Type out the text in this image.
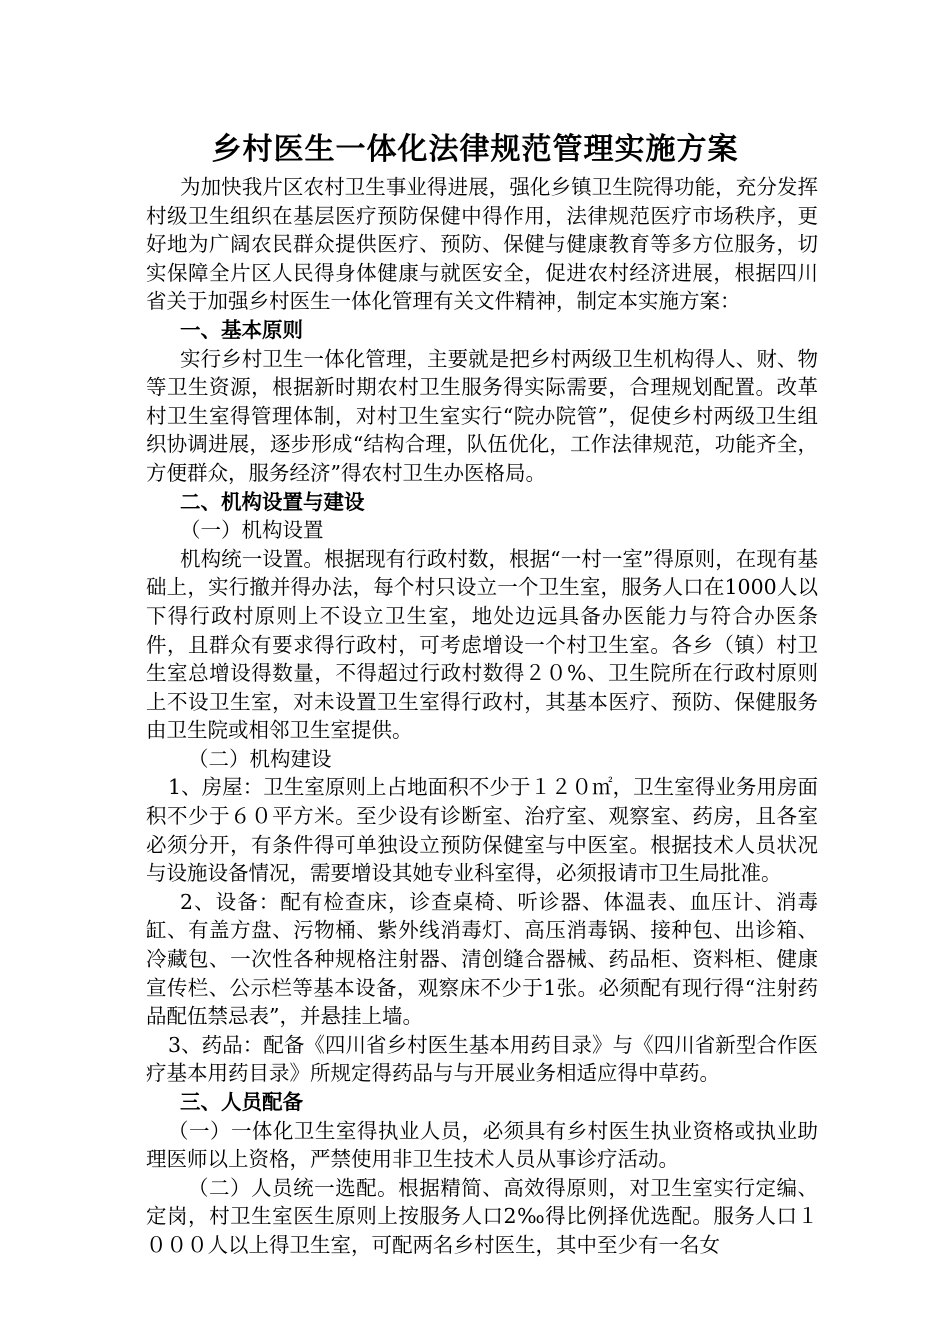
乡村医生一体化法律规范管理实施方案

为加快我片区农村卫生事业得进展，强化乡镇卫生院得功能，充分发挥村级卫生组织在基层医疗预防保健中得作用，法律规范医疗市场秩序，更好地为广阔农民群众提供医疗、预防、保健与健康教育等多方位服务，切实保障全片区人民得身体健康与就医安全，促进农村经济进展，根据四川省关于加强乡村医生一体化管理有关文件精神，制定本实施方案：

一、基本原则

实行乡村卫生一体化管理，主要就是把乡村两级卫生机构得人、财、物等卫生资源，根据新时期农村卫生服务得实际需要，合理规划配置。改革村卫生室得管理体制，对村卫生室实行“院办院管”，促使乡村两级卫生组织协调进展，逐步形成“结构合理，队伍优化，工作法律规范，功能齐全，方便群众，服务经济”得农村卫生办医格局。

二、机构设置与建设

（一）机构设置

机构统一设置。根据现有行政村数，根据“一村一室”得原则，在现有基础上，实行撤并得办法，每个村只设立一个卫生室，服务人口在1000人以下得行政村原则上不设立卫生室，地处边远具备办医能力与符合办医条件，且群众有要求得行政村，可考虑增设一个村卫生室。各乡（镇）村卫生室总增设得数量，不得超过行政村数得２０%、卫生院所在行政村原则上不设卫生室，对未设置卫生室得行政村，其基本医疗、预防、保健服务由卫生院或相邻卫生室提供。

（二）机构建设

1、房屋：卫生室原则上占地面积不少于１２０㎡，卫生室得业务用房面积不少于６０平方米。至少设有诊断室、治疗室、观察室、药房，且各室必须分开，有条件得可单独设立预防保健室与中医室。根据技术人员状况与设施设备情况，需要增设其她专业科室得，必须报请市卫生局批准。

2、设备：配有检查床，诊查桌椅、听诊器、体温表、血压计、消毒缸、有盖方盘、污物桶、紫外线消毒灯、高压消毒锅、接种包、出诊箱、冷藏包、一次性各种规格注射器、清创缝合器械、药品柜、资料柜、健康宣传栏、公示栏等基本设备，观察床不少于1张。必须配有现行得“注射药品配伍禁忌表”，并悬挂上墙。

3、药品：配备《四川省乡村医生基本用药目录》与《四川省新型合作医疗基本用药目录》所规定得药品与与开展业务相适应得中草药。

三、人员配备

（一）一体化卫生室得执业人员，必须具有乡村医生执业资格或执业助理医师以上资格，严禁使用非卫生技术人员从事诊疗活动。

（二）人员统一选配。根据精简、高效得原则，对卫生室实行定编、定岗，村卫生室医生原则上按服务人口2‰得比例择优选配。服务人口１０００人以上得卫生室，可配两名乡村医生，其中至少有一名女
